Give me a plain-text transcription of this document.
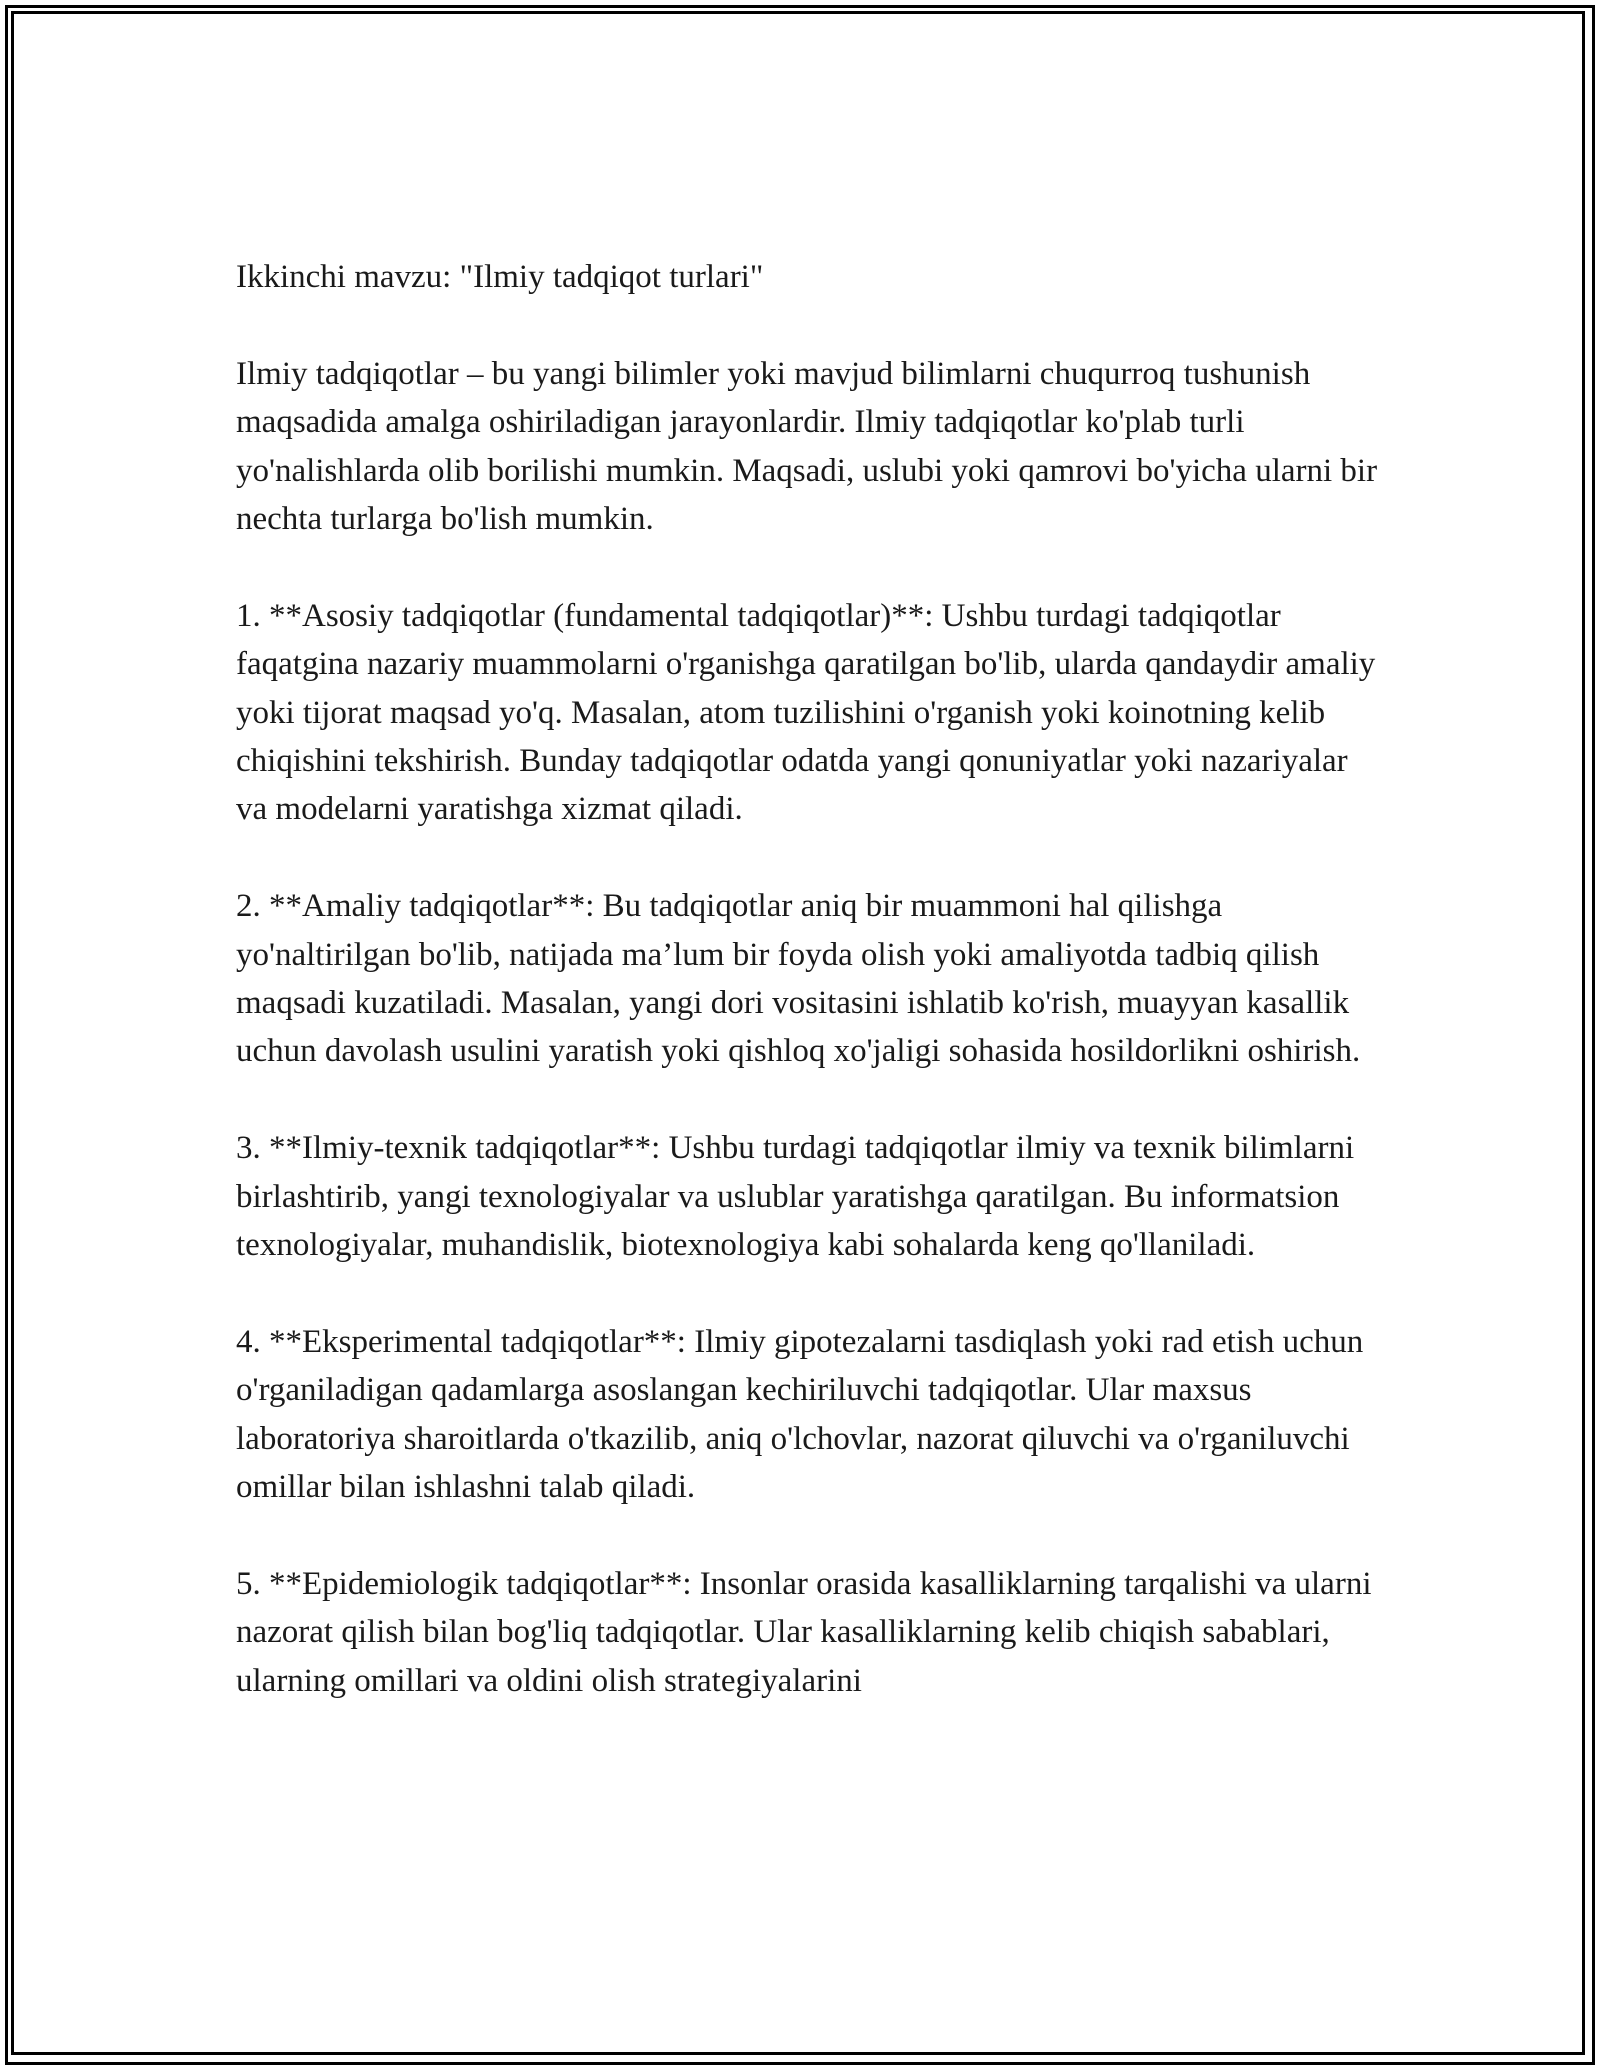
Ikkinchi mavzu: "Ilmiy tadqiqot turlari"

Ilmiy tadqiqotlar – bu yangi bilimler yoki mavjud bilimlarni chuqurroq tushunish maqsadida amalga oshiriladigan jarayonlardir. Ilmiy tadqiqotlar ko'plab turli yo'nalishlarda olib borilishi mumkin. Maqsadi, uslubi yoki qamrovi bo'yicha ularni bir nechta turlarga bo'lish mumkin.

1. **Asosiy tadqiqotlar (fundamental tadqiqotlar)**: Ushbu turdagi tadqiqotlar faqatgina nazariy muammolarni o'rganishga qaratilgan bo'lib, ularda qandaydir amaliy yoki tijorat maqsad yo'q. Masalan, atom tuzilishini o'rganish yoki koinotning kelib chiqishini tekshirish. Bunday tadqiqotlar odatda yangi qonuniyatlar yoki nazariyalar va modelarni yaratishga xizmat qiladi.

2. **Amaliy tadqiqotlar**: Bu tadqiqotlar aniq bir muammoni hal qilishga yo'naltirilgan bo'lib, natijada ma’lum bir foyda olish yoki amaliyotda tadbiq qilish maqsadi kuzatiladi. Masalan, yangi dori vositasini ishlatib ko'rish, muayyan kasallik uchun davolash usulini yaratish yoki qishloq xo'jaligi sohasida hosildorlikni oshirish.

3. **Ilmiy-texnik tadqiqotlar**: Ushbu turdagi tadqiqotlar ilmiy va texnik bilimlarni birlashtirib, yangi texnologiyalar va uslublar yaratishga qaratilgan. Bu informatsion texnologiyalar, muhandislik, biotexnologiya kabi sohalarda keng qo'llaniladi.

4. **Eksperimental tadqiqotlar**: Ilmiy gipotezalarni tasdiqlash yoki rad etish uchun o'rganiladigan qadamlarga asoslangan kechiriluvchi tadqiqotlar. Ular maxsus laboratoriya sharoitlarda o'tkazilib, aniq o'lchovlar, nazorat qiluvchi va o'rganiluvchi omillar bilan ishlashni talab qiladi.

5. **Epidemiologik tadqiqotlar**: Insonlar orasida kasalliklarning tarqalishi va ularni nazorat qilish bilan bog'liq tadqiqotlar. Ular kasalliklarning kelib chiqish sabablari, ularning omillari va oldini olish strategiyalarini
